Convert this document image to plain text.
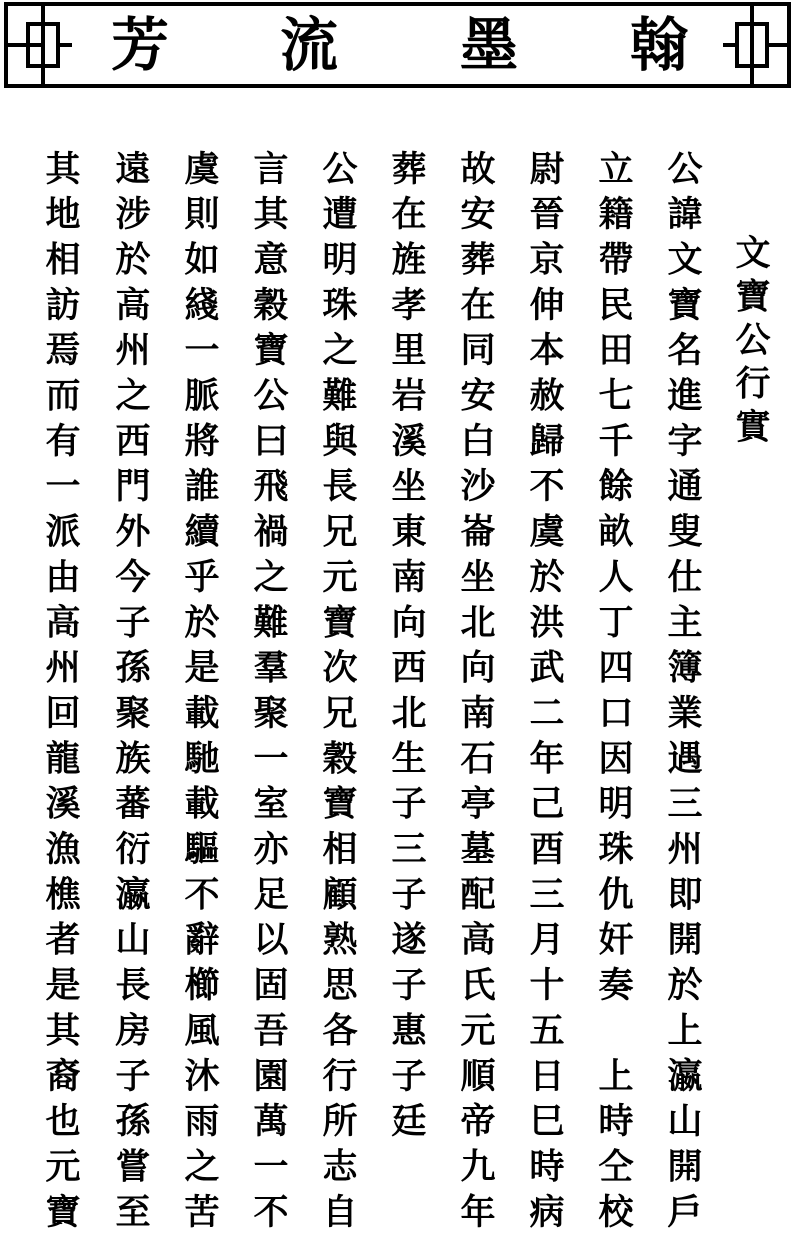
芳 流 墨 翰
文寶公行實
公諱文寶名進字通叟仕主簿業遇三州即開於上瀛山開戶
立籍帶民田七千餘畝人丁四口因明珠仇奸奏　上時仝校
尉晉京伸本赦歸不虞於洪武二年己酉三月十五日巳時病
故安葬在同安白沙崙坐北向南石亭墓配高氏元順帝九年
葬在旌孝里岩溪坐東南向西北生子三子遂子惠子廷
公遭明珠之難與長兄元寶次兄穀寶相顧熟思各行所志自
言其意穀寶公曰飛禍之難羣聚一室亦足以固吾園萬一不
虞則如綫一脈將誰續乎於是載馳載驅不辭櫛風沐雨之苦
遠涉於高州之西門外今子孫聚族蕃衍瀛山長房子孫嘗至
其地相訪焉而有一派由高州回龍溪漁樵者是其裔也元寶
